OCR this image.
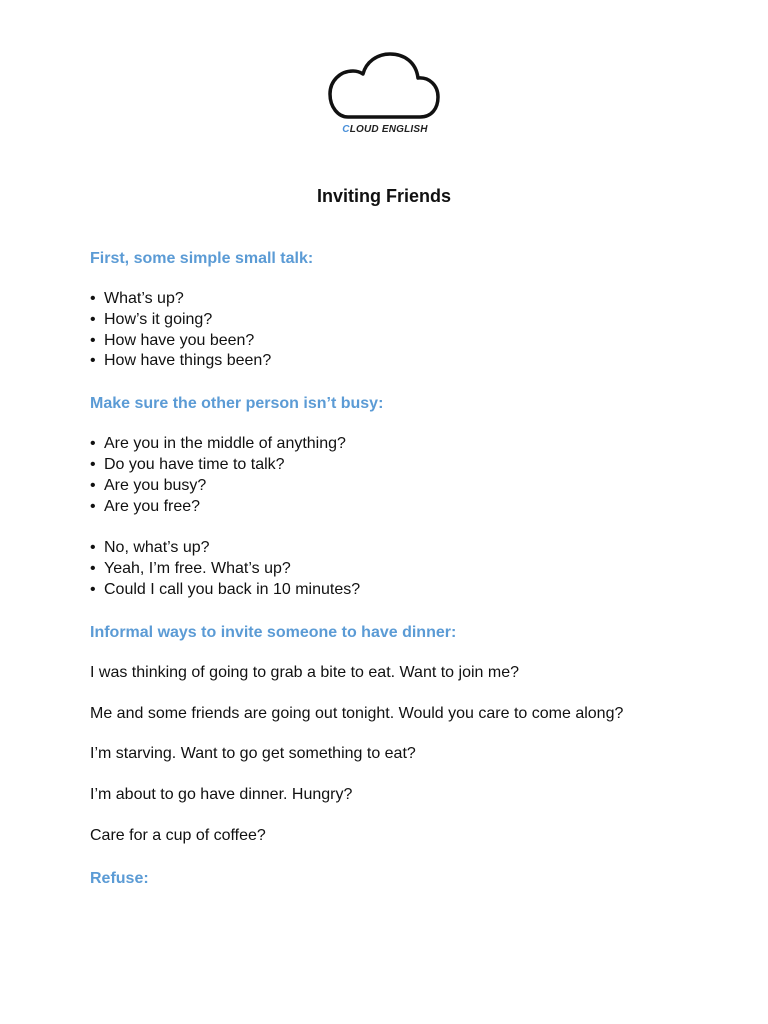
CLOUD ENGLISH
Inviting Friends

First, some simple small talk:

• What’s up?
• How’s it going?
• How have you been?
• How have things been?

Make sure the other person isn’t busy:

• Are you in the middle of anything?
• Do you have time to talk?
• Are you busy?
• Are you free?
• No, what’s up?
• Yeah, I’m free. What’s up?
• Could I call you back in 10 minutes?

Informal ways to invite someone to have dinner:

I was thinking of going to grab a bite to eat. Want to join me?

Me and some friends are going out tonight. Would you care to come along?

I’m starving. Want to go get something to eat?

I’m about to go have dinner. Hungry?

Care for a cup of coffee?

Refuse:
